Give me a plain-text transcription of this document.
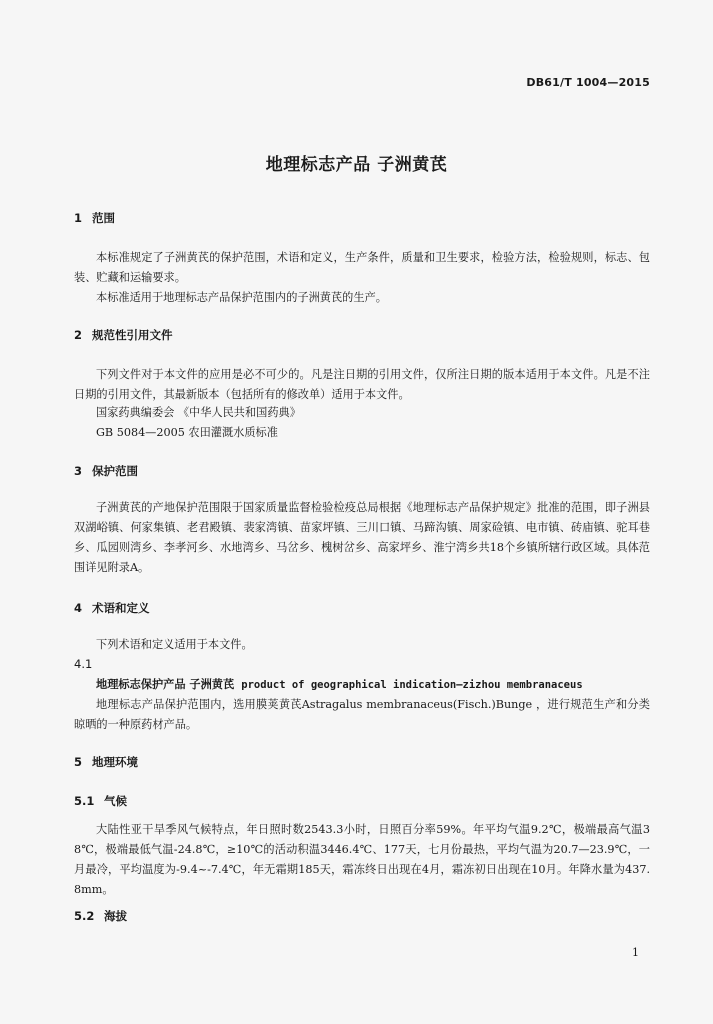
DB61/T 1004—2015
地理标志产品 子洲黄芪
1 范围
本标准规定了子洲黄芪的保护范围，术语和定义，生产条件，质量和卫生要求，检验方法，检验规则，标志、包装、贮藏和运输要求。
本标准适用于地理标志产品保护范围内的子洲黄芪的生产。
2 规范性引用文件
下列文件对于本文件的应用是必不可少的。凡是注日期的引用文件，仅所注日期的版本适用于本文件。凡是不注日期的引用文件，其最新版本（包括所有的修改单）适用于本文件。
国家药典编委会 《中华人民共和国药典》
GB 5084—2005 农田灌溉水质标准
3 保护范围
子洲黄芪的产地保护范围限于国家质量监督检验检疫总局根据《地理标志产品保护规定》批准的范围，即子洲县双湖峪镇、何家集镇、老君殿镇、裴家湾镇、苗家坪镇、三川口镇、马蹄沟镇、周家硷镇、电市镇、砖庙镇、驼耳巷乡、瓜园则湾乡、李孝河乡、水地湾乡、马岔乡、槐树岔乡、高家坪乡、淮宁湾乡共18个乡镇所辖行政区域。具体范围详见附录A。
4 术语和定义
下列术语和定义适用于本文件。
4.1
地理标志保护产品 子洲黄芪 product of geographical indication—zizhou membranaceus
地理标志产品保护范围内，选用膜荚黄芪Astragalus membranaceus(Fisch.)Bunge ，进行规范生产和分类晾晒的一种原药材产品。
5 地理环境
5.1 气候
大陆性亚干旱季风气候特点，年日照时数2543.3小时，日照百分率59%。年平均气温9.2℃，极端最高气温38℃，极端最低气温-24.8℃，≥10℃的活动积温3446.4℃、177天，七月份最热，平均气温为20.7—23.9℃，一月最冷，平均温度为-9.4~-7.4℃，年无霜期185天，霜冻终日出现在4月，霜冻初日出现在10月。年降水量为437.8mm。
5.2 海拔
1
